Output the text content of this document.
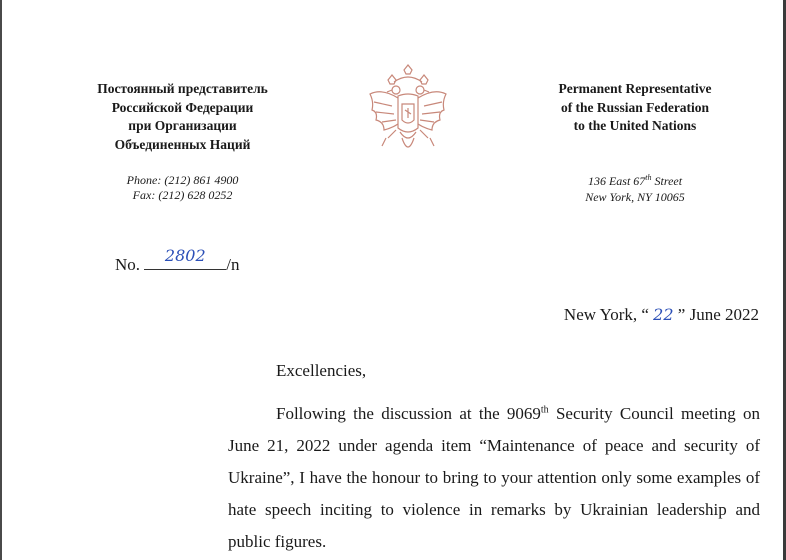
Постоянный представитель
Российской Федерации
при Организации
Объединенных Наций
Phone: (212) 861 4900
Fax: (212) 628 0252
Permanent Representative
of the Russian Federation
to the United Nations
136 East 67th Street
New York, NY 10065
No.	2802	/n
New York, “ 22 ” June 2022
Excellencies,

Following the discussion at the 9069th Security Council meeting on June 21, 2022 under agenda item “Maintenance of peace and security of Ukraine”, I have the honour to bring to your attention only some examples of hate speech inciting to violence in remarks by Ukrainian leadership and public figures.
